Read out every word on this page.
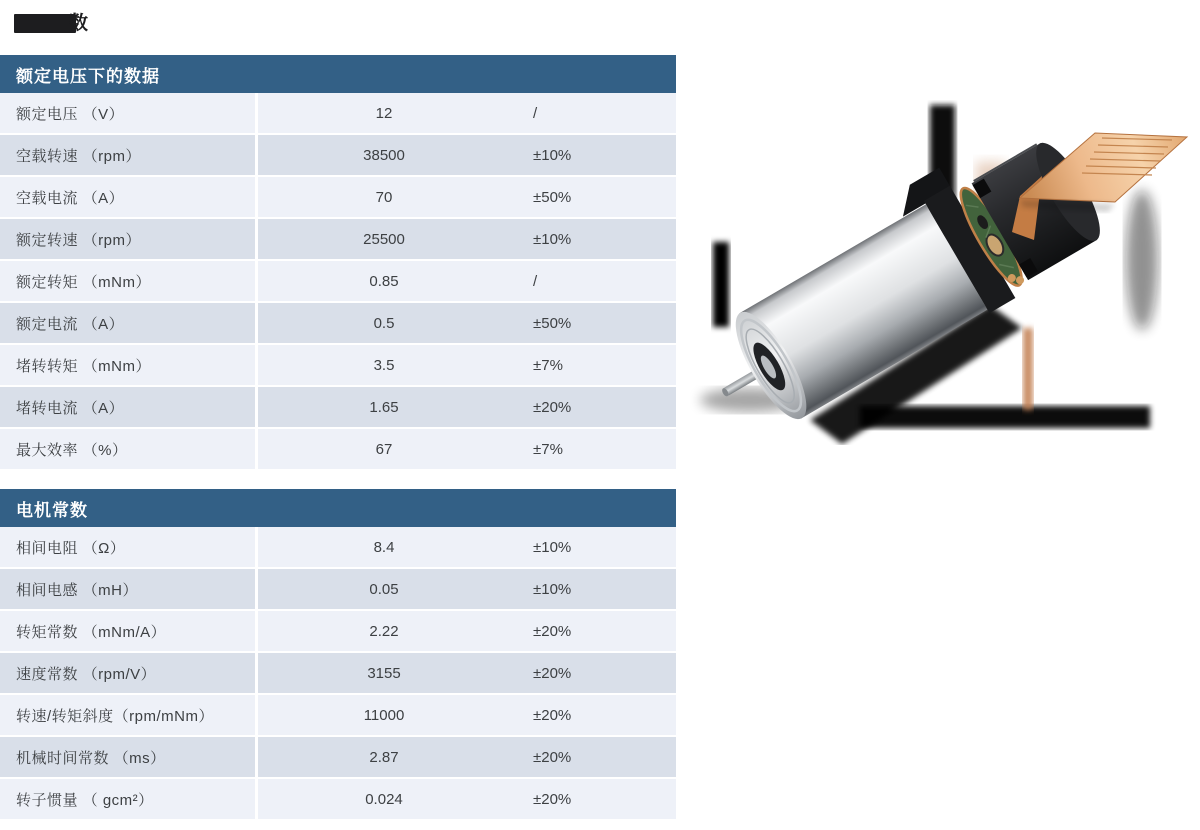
数
额定电压下的数据
额定电压 （V）	12	/
空载转速 （rpm）	38500	±10%
空载电流 （A）	70	±50%
额定转速 （rpm）	25500	±10%
额定转矩 （mNm）	0.85	/
额定电流 （A）	0.5	±50%
堵转转矩 （mNm）	3.5	±7%
堵转电流 （A）	1.65	±20%
最大效率 （%）	67	±7%
电机常数
相间电阻 （Ω）	8.4	±10%
相间电感 （mH）	0.05	±10%
转矩常数 （mNm/A）	2.22	±20%
速度常数 （rpm/V）	3155	±20%
转速/转矩斜度（rpm/mNm）	11000	±20%
机械时间常数 （ms）	2.87	±20%
转子惯量 （ gcm²）	0.024	±20%
